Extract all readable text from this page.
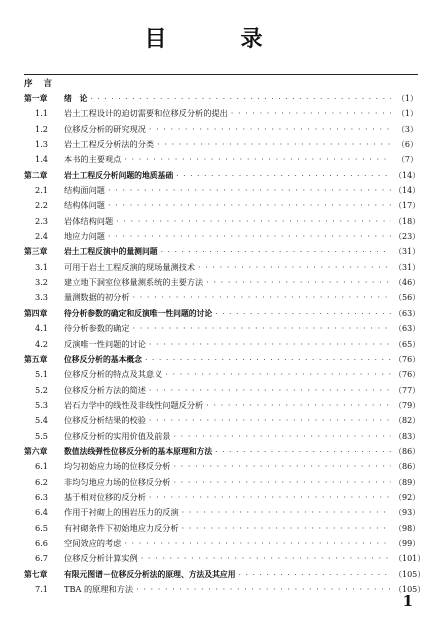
目　录
序 言
第一章	绪　论 · · ·	（1）
1.1	岩土工程设计的迫切需要和位移反分析的提出 · · ·	（1）
1.2	位移反分析的研究现况 · · ·	（3）
1.3	岩土工程反分析法的分类 · · ·	（6）
1.4	本书的主要观点 · · ·	（7）
第二章	岩土工程反分析问题的地质基础 · · ·	（14）
2.1	结构面问题 · · ·	（14）
2.2	结构体问题 · · ·	（17）
2.3	岩体结构问题 · · ·	（18）
2.4	地应力问题 · · ·	（23）
第三章	岩土工程反演中的量测问题 · · ·	（31）
3.1	可用于岩土工程反演的现场量测技术 · · ·	（31）
3.2	建立地下洞室位移量测系统的主要方法 · · ·	（46）
3.3	量测数据的初分析 · · ·	（56）
第四章	待分析参数的确定和反演唯一性问题的讨论 · · ·	（63）
4.1	待分析参数的确定 · · ·	（63）
4.2	反演唯一性问题的讨论 · · ·	（65）
第五章	位移反分析的基本概念 · · ·	（76）
5.1	位移反分析的特点及其意义 · · ·	（76）
5.2	位移反分析方法的简述 · · ·	（77）
5.3	岩石力学中的线性及非线性问题反分析 · · ·	（79）
5.4	位移反分析结果的校验 · · ·	（82）
5.5	位移反分析的实用价值及前景 · · ·	（83）
第六章	数值法线弹性位移反分析的基本原理和方法 · · ·	（86）
6.1	均匀初始应力场的位移反分析 · · ·	（86）
6.2	非均匀地应力场的位移反分析 · · ·	（89）
6.3	基于相对位移的反分析 · · ·	（92）
6.4	作用于衬砌上的围岩压力的反演 · · ·	（93）
6.5	有衬砌条件下初始地应力反分析 · · ·	（98）
6.6	空间效应的考虑 · · ·	（99）
6.7	位移反分析计算实例 · · ·	（101）
第七章	有限元图谱－位移反分析法的原理、方法及其应用 · · ·	（105）
7.1	TBA 的原理和方法 · · ·	（105）
1
